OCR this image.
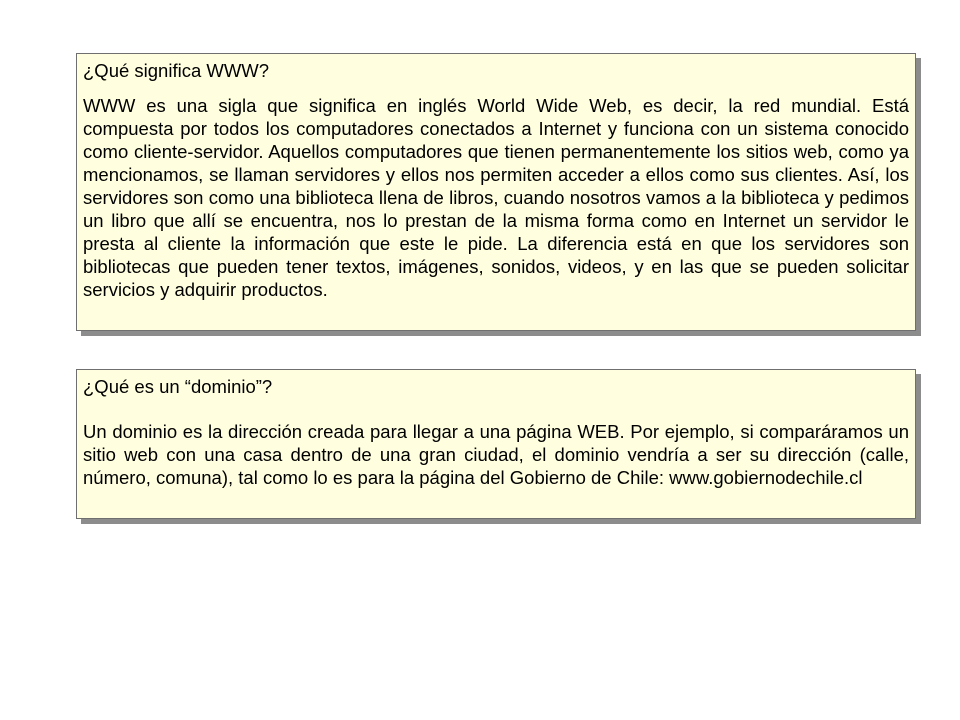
¿Qué significa WWW?

WWW es una sigla que significa en inglés World Wide Web, es decir, la red mundial. Está compuesta por todos los computadores conectados a Internet y funciona con un sistema conocido como cliente-servidor. Aquellos computadores que tienen permanentemente los sitios web, como ya mencionamos, se llaman servidores y ellos nos permiten acceder a ellos como sus clientes. Así, los servidores son como una biblioteca llena de libros, cuando nosotros vamos a la biblioteca y pedimos un libro que allí se encuentra, nos lo prestan de la misma forma como en Internet un servidor le presta al cliente la información que este le pide. La diferencia está en que los servidores son bibliotecas que pueden tener textos, imágenes, sonidos, videos, y en las que se pueden solicitar servicios y adquirir productos.

¿Qué es un “dominio”?

Un dominio es la dirección creada para llegar a una página WEB. Por ejemplo, si comparáramos un sitio web con una casa dentro de una gran ciudad, el dominio vendría a ser su dirección (calle, número, comuna), tal como lo es para la página del Gobierno de Chile: www.gobiernodechile.cl
